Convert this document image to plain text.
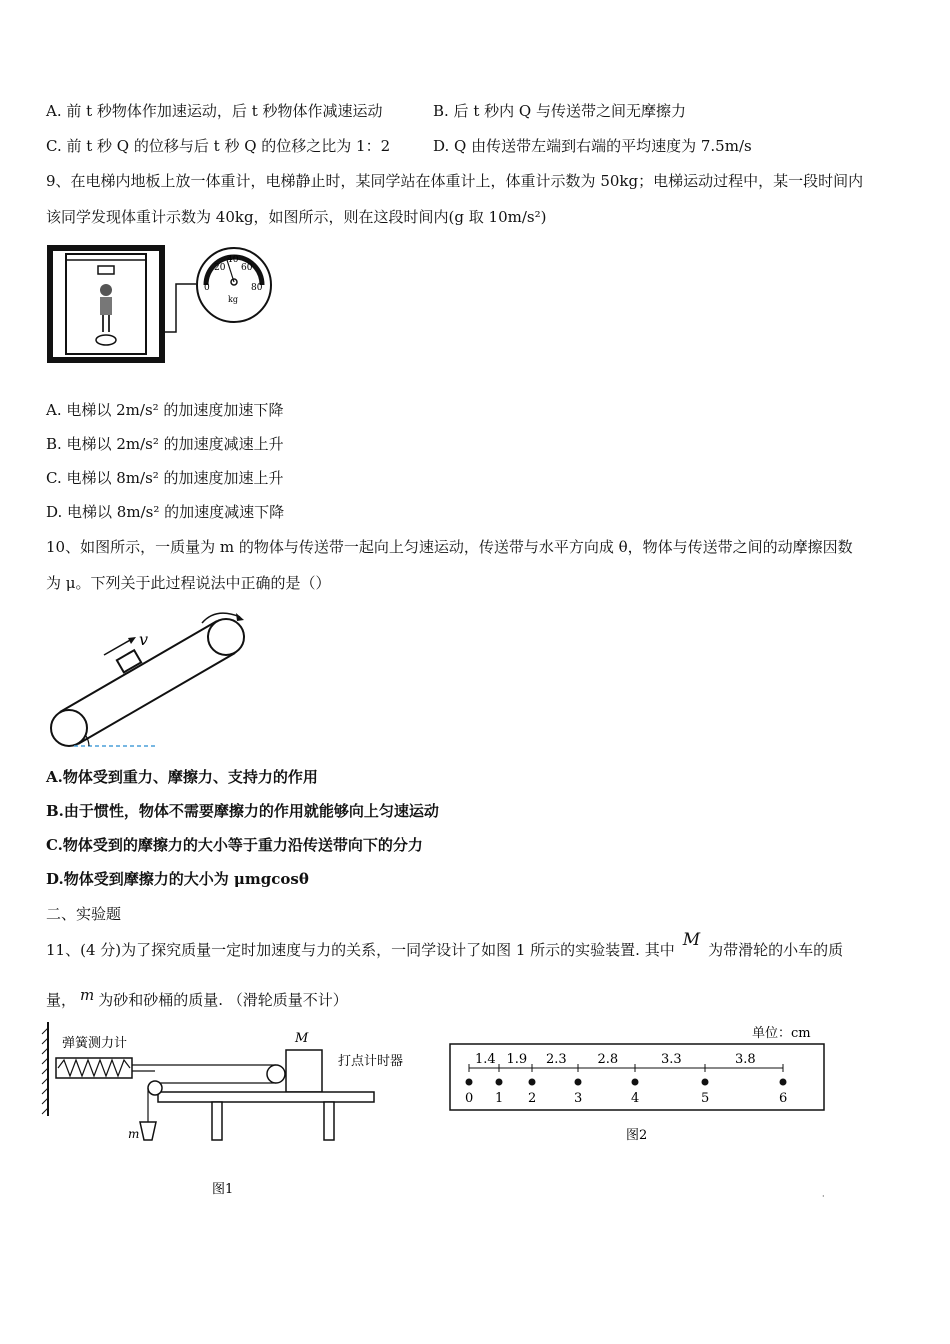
A. 前 t 秒物体作加速运动，后 t 秒物体作减速运动	B. 后 t 秒内 Q 与传送带之间无摩擦力
C. 前 t 秒 Q 的位移与后 t 秒 Q 的位移之比为 1：2	D. Q 由传送带左端到右端的平均速度为 7.5m/s
9、在电梯内地板上放一体重计，电梯静止时，某同学站在体重计上，体重计示数为 50kg；电梯运动过程中，某一段时间内
该同学发现体重计示数为 40kg，如图所示，则在这段时间内(g 取 10m/s²)
0
20
40
60
80
kg
A. 电梯以 2m/s² 的加速度加速下降
B. 电梯以 2m/s² 的加速度减速上升
C. 电梯以 8m/s² 的加速度加速上升
D. 电梯以 8m/s² 的加速度减速下降
10、如图所示，一质量为 m 的物体与传送带一起向上匀速运动，传送带与水平方向成 θ，物体与传送带之间的动摩擦因数
为 μ。下列关于此过程说法中正确的是（）
v
A.物体受到重力、摩擦力、支持力的作用
B.由于惯性，物体不需要摩擦力的作用就能够向上匀速运动
C.物体受到的摩擦力的大小等于重力沿传送带向下的分力
D.物体受到摩擦力的大小为 μmgcosθ
二、实验题
11、(4 分)为了探究质量一定时加速度与力的关系，一同学设计了如图 1 所示的实验装置. 其中 M 为带滑轮的小车的质
量， m 为砂和砂桶的质量. （滑轮质量不计）
弹簧测力计	M
打点计时器
m
图1
单位：cm
0 1 2	3	4	5	6
1.4 1.9 2.3 2.8	3.3	3.8
图2
·
